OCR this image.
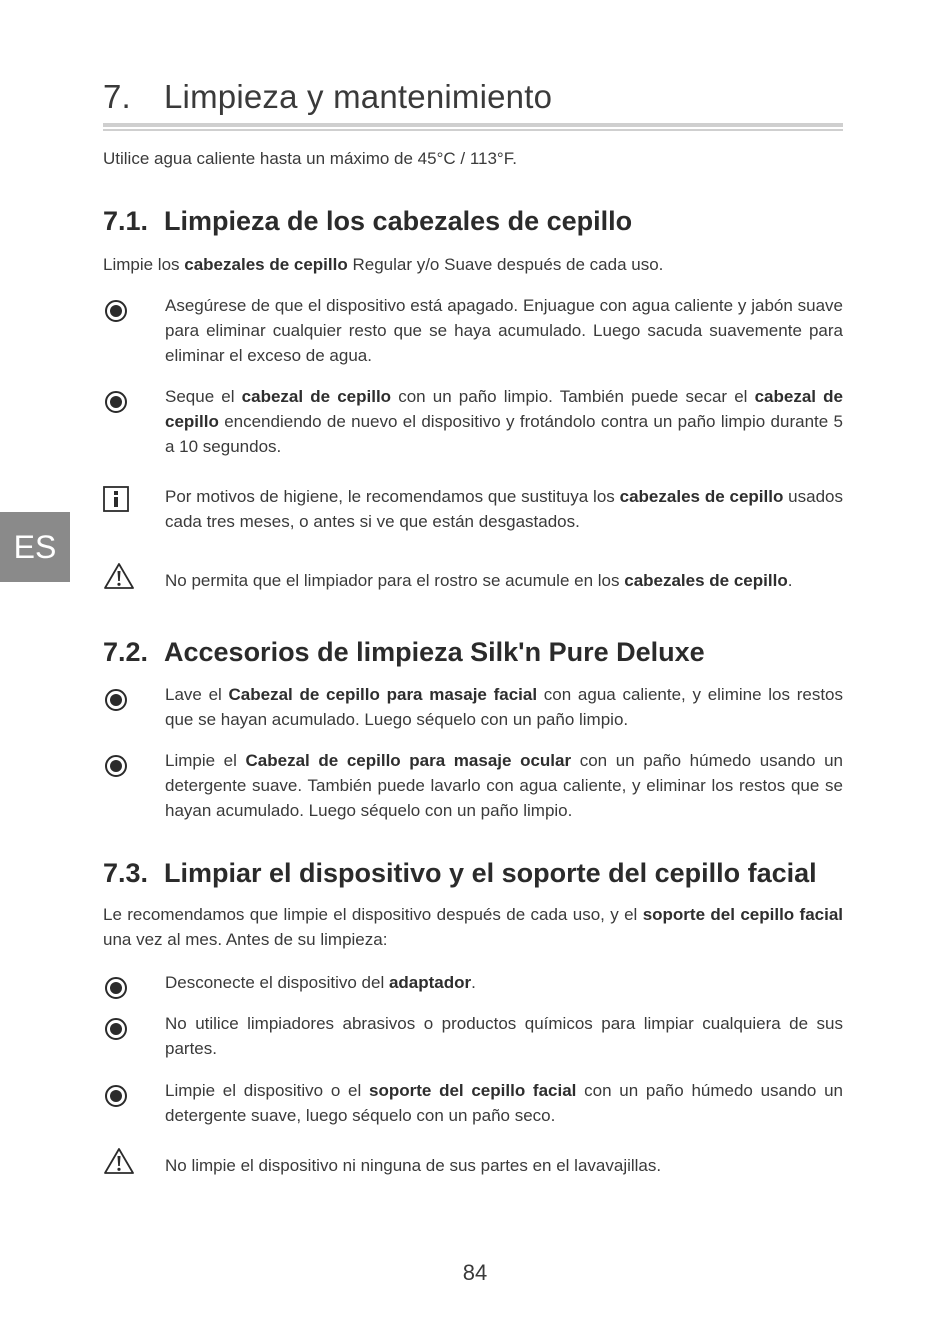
7. Limpieza y mantenimiento

Utilice agua caliente hasta un máximo de 45°C / 113°F.

7.1. Limpieza de los cabezales de cepillo

Limpie los cabezales de cepillo Regular y/o Suave después de cada uso.

Asegúrese de que el dispositivo está apagado. Enjuague con agua caliente y jabón suave para eliminar cualquier resto que se haya acumulado. Luego sacuda suavemente para eliminar el exceso de agua.
Seque el cabezal de cepillo con un paño limpio. También puede secar el cabezal de cepillo encendiendo de nuevo el dispositivo y frotándolo contra un paño limpio durante 5 a 10 segundos.
Por motivos de higiene, le recomendamos que sustituya los cabezales de cepillo usados cada tres meses, o antes si ve que están desgastados.
No permita que el limpiador para el rostro se acumule en los cabezales de cepillo.
7.2. Accesorios de limpieza Silk'n Pure Deluxe
Lave el Cabezal de cepillo para masaje facial con agua caliente, y elimine los restos que se hayan acumulado. Luego séquelo con un paño limpio.
Limpie el Cabezal de cepillo para masaje ocular con un paño húmedo usando un detergente suave. También puede lavarlo con agua caliente, y eliminar los restos que se hayan acumulado. Luego séquelo con un paño limpio.
7.3. Limpiar el dispositivo y el soporte del cepillo facial

Le recomendamos que limpie el dispositivo después de cada uso, y el soporte del cepillo facial una vez al mes. Antes de su limpieza:

Desconecte el dispositivo del adaptador.
No utilice limpiadores abrasivos o productos químicos para limpiar cualquiera de sus partes.
Limpie el dispositivo o el soporte del cepillo facial con un paño húmedo usando un detergente suave, luego séquelo con un paño seco.
No limpie el dispositivo ni ninguna de sus partes en el lavavajillas.
ES
84
